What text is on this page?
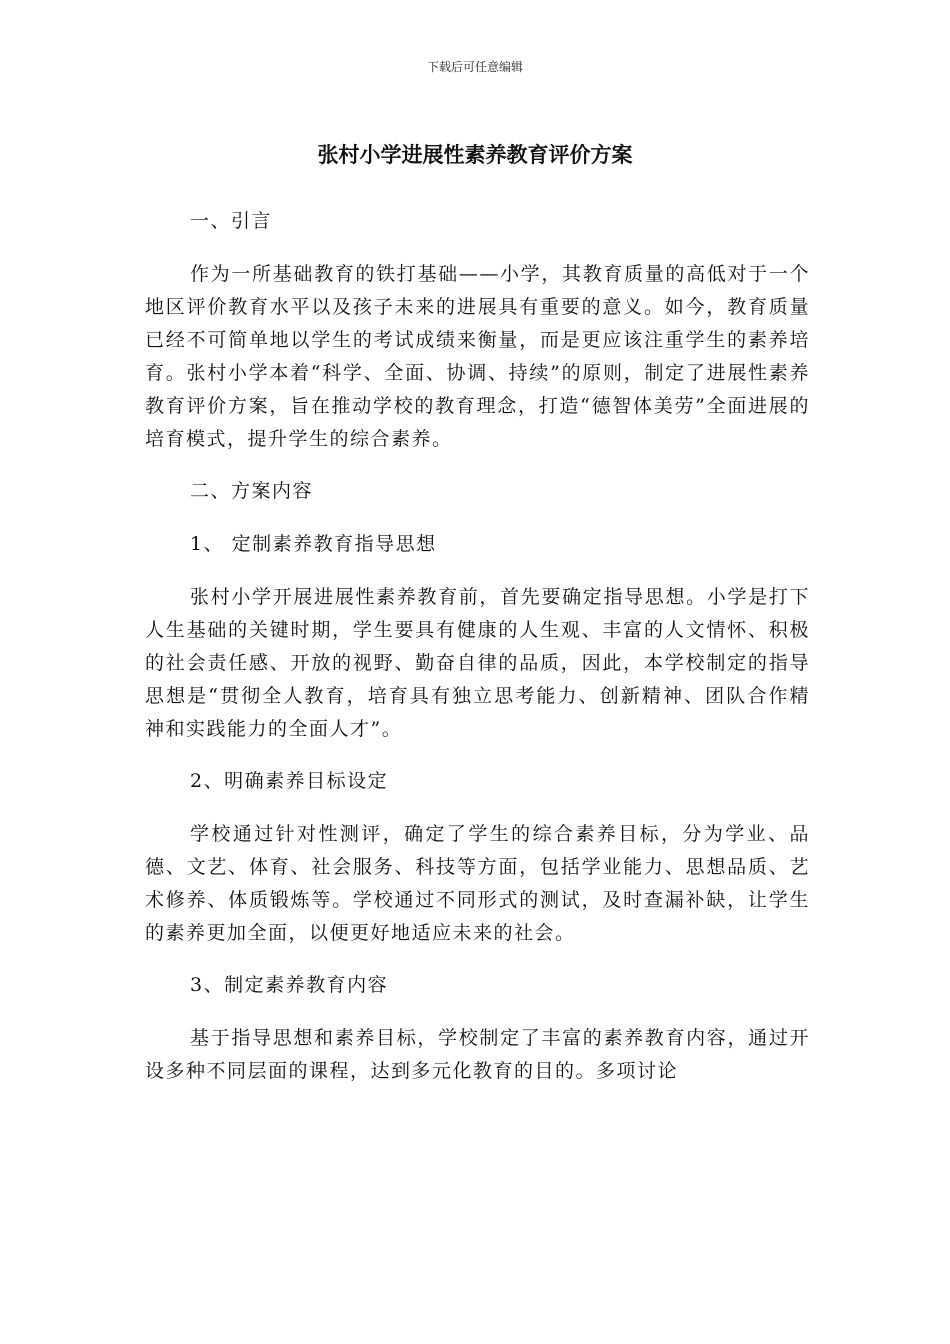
下载后可任意编辑
张村小学进展性素养教育评价方案

一、引言

作为一所基础教育的铁打基础——小学，其教育质量的高低对于一个地区评价教育水平以及孩子未来的进展具有重要的意义。如今，教育质量已经不可简单地以学生的考试成绩来衡量，而是更应该注重学生的素养培育。张村小学本着“科学、全面、协调、持续”的原则，制定了进展性素养教育评价方案，旨在推动学校的教育理念，打造“德智体美劳”全面进展的培育模式，提升学生的综合素养。

二、方案内容

1、 定制素养教育指导思想

张村小学开展进展性素养教育前，首先要确定指导思想。小学是打下人生基础的关键时期，学生要具有健康的人生观、丰富的人文情怀、积极的社会责任感、开放的视野、勤奋自律的品质，因此，本学校制定的指导思想是“贯彻全人教育，培育具有独立思考能力、创新精神、团队合作精神和实践能力的全面人才”。

2、明确素养目标设定

学校通过针对性测评，确定了学生的综合素养目标，分为学业、品德、文艺、体育、社会服务、科技等方面，包括学业能力、思想品质、艺术修养、体质锻炼等。学校通过不同形式的测试，及时查漏补缺，让学生的素养更加全面，以便更好地适应未来的社会。

3、制定素养教育内容

基于指导思想和素养目标，学校制定了丰富的素养教育内容，通过开设多种不同层面的课程，达到多元化教育的目的。多项讨论
